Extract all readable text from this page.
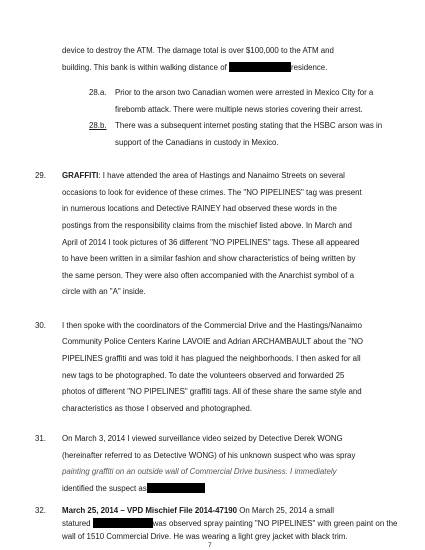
device to destroy the ATM. The damage total is over $100,000 to the ATM and
building. This bank is within walking distance of	residence.
28.a. Prior to the arson two Canadian women were arrested in Mexico City for a
firebomb attack. There were multiple news stories covering their arrest.
28.b. There was a subsequent internet posting stating that the HSBC arson was in
support of the Canadians in custody in Mexico.
29. GRAFFITI: I have attended the area of Hastings and Nanaimo Streets on several
occasions to look for evidence of these crimes. The "NO PIPELINES" tag was present
in numerous locations and Detective RAINEY had observed these words in the
postings from the responsibility claims from the mischief listed above. In March and
April of 2014 I took pictures of 36 different "NO PIPELINES" tags. These all appeared
to have been written in a similar fashion and show characteristics of being written by
the same person. They were also often accompanied with the Anarchist symbol of a
circle with an "A" inside.
30. I then spoke with the coordinators of the Commercial Drive and the Hastings/Nanaimo
Community Police Centers Karine LAVOIE and Adrian ARCHAMBAULT about the "NO
PIPELINES graffiti and was told it has plagued the neighborhoods. I then asked for all
new tags to be photographed. To date the volunteers observed and forwarded 25
photos of different "NO PIPELINES" graffiti tags. All of these share the same style and
characteristics as those I observed and photographed.
31. On March 3, 2014 I viewed surveillance video seized by Detective Derek WONG
(hereinafter referred to as Detective WONG) of his unknown suspect who was spray
painting graffiti on an outside wall of Commercial Drive business. I immediately
identified the suspect as
32. March 25, 2014 – VPD Mischief File 2014-47190 On March 25, 2014 a small
statured	was observed spray painting "NO PIPELINES" with green paint on the
wall of 1510 Commercial Drive. He was wearing a light grey jacket with black trim.
7
